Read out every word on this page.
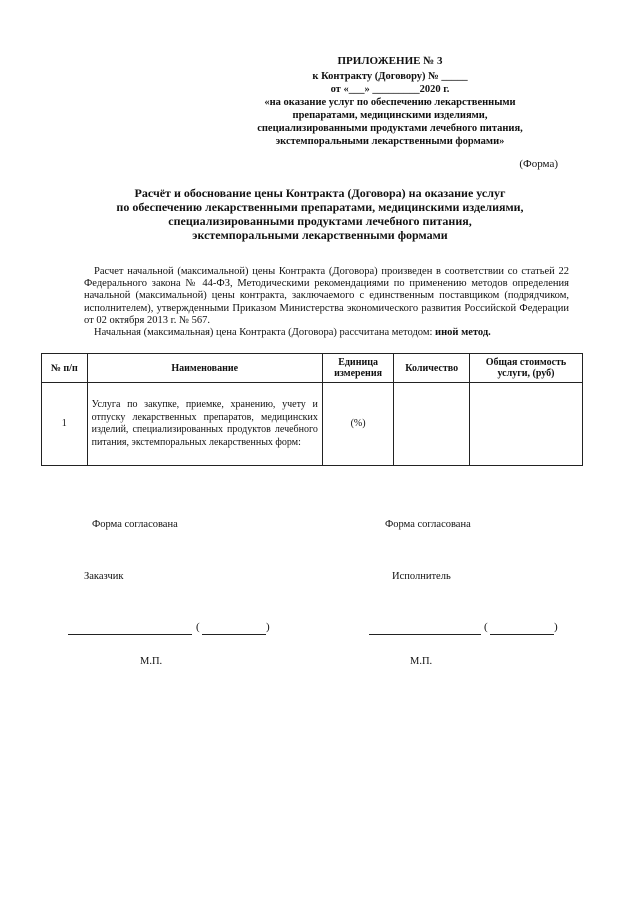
ПРИЛОЖЕНИЕ № 3
к Контракту (Договору) № _____
от «___» _________2020 г.
«на оказание услуг по обеспечению лекарственными
препаратами, медицинскими изделиями,
специализированными продуктами лечебного питания,
экстемпоральными лекарственными формами»
(Форма)
Расчёт и обоснование цены Контракта (Договора) на оказание услуг
по обеспечению лекарственными препаратами, медицинскими изделиями,
специализированными продуктами лечебного питания,
экстемпоральными лекарственными формами

Расчет начальной (максимальной) цены Контракта (Договора) произведен в соответствии со статьей 22 Федерального закона № 44-ФЗ, Методическими рекомендациями по применению методов определения начальной (максимальной) цены контракта, заключаемого с единственным поставщиком (подрядчиком, исполнителем), утвержденными Приказом Министерства экономического развития Российской Федерации от 02 октября 2013 г. № 567.

Начальная (максимальная) цена Контракта (Договора) рассчитана методом: иной метод.

№ п/п	Наименование	Единица измерения	Количество	Общая стоимость услуги, (руб)
1	Услуга по закупке, приемке, хранению, учету и отпуску лекарственных препаратов, медицинских изделий, специализированных продуктов лечебного питания, экстемпоральных лекарственных форм:	(%)		
Форма согласована
Заказчик
(	)
М.П.
Форма согласована
Исполнитель
(	)
М.П.
